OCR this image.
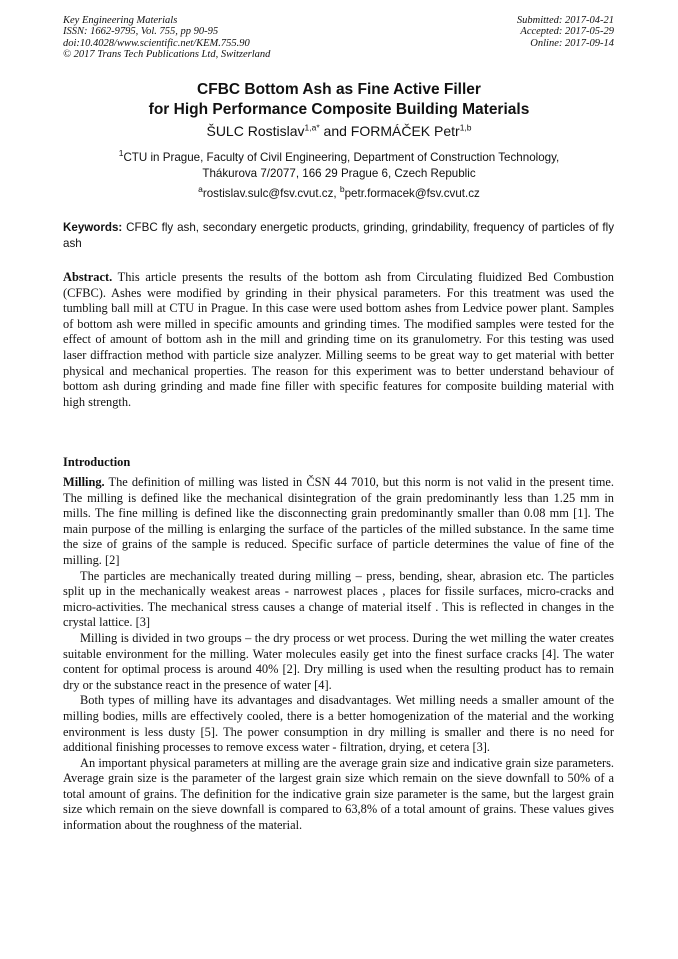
Key Engineering Materials
ISSN: 1662-9795, Vol. 755, pp 90-95
doi:10.4028/www.scientific.net/KEM.755.90
© 2017 Trans Tech Publications Ltd, Switzerland
Submitted: 2017-04-21
Accepted: 2017-05-29
Online: 2017-09-14
CFBC Bottom Ash as Fine Active Filler
for High Performance Composite Building Materials
ŠULC Rostislav$^{1,a*}$ and FORMÁČEK Petr$^{1,b}$
$^1$CTU in Prague, Faculty of Civil Engineering, Department of Construction Technology,
Thákurova 7/2077, 166 29 Prague 6, Czech Republic
$^a$rostislav.sulc@fsv.cvut.cz, $^b$petr.formacek@fsv.cvut.cz
Keywords: CFBC fly ash, secondary energetic products, grinding, grindability, frequency of particles of fly ash
Abstract. This article presents the results of the bottom ash from Circulating fluidized Bed Combustion (CFBC). Ashes were modified by grinding in their physical parameters. For this treatment was used the tumbling ball mill at CTU in Prague. In this case were used bottom ashes from Ledvice power plant. Samples of bottom ash were milled in specific amounts and grinding times. The modified samples were tested for the effect of amount of bottom ash in the mill and grinding time on its granulometry. For this testing was used laser diffraction method with particle size analyzer. Milling seems to be great way to get material with better physical and mechanical properties. The reason for this experiment was to better understand behaviour of bottom ash during grinding and made fine filler with specific features for composite building material with high strength.
Introduction

Milling. The definition of milling was listed in ČSN 44 7010, but this norm is not valid in the present time. The milling is defined like the mechanical disintegration of the grain predominantly less than 1.25 mm in mills. The fine milling is defined like the disconnecting grain predominantly smaller than 0.08 mm [1]. The main purpose of the milling is enlarging the surface of the particles of the milled substance. In the same time the size of grains of the sample is reduced. Specific surface of particle determines the value of fine of the milling. [2]

The particles are mechanically treated during milling – press, bending, shear, abrasion etc. The particles split up in the mechanically weakest areas - narrowest places , places for fissile surfaces, micro-cracks and micro-activities. The mechanical stress causes a change of material itself . This is reflected in changes in the crystal lattice. [3]

Milling is divided in two groups – the dry process or wet process. During the wet milling the water creates suitable environment for the milling. Water molecules easily get into the finest surface cracks [4]. The water content for optimal process is around 40% [2]. Dry milling is used when the resulting product has to remain dry or the substance react in the presence of water [4].

Both types of milling have its advantages and disadvantages. Wet milling needs a smaller amount of the milling bodies, mills are effectively cooled, there is a better homogenization of the material and the working environment is less dusty [5]. The power consumption in dry milling is smaller and there is no need for additional finishing processes to remove excess water - filtration, drying, et cetera [3].

An important physical parameters at milling are the average grain size and indicative grain size parameters. Average grain size is the parameter of the largest grain size which remain on the sieve downfall to 50% of a total amount of grains. The definition for the indicative grain size parameter is the same, but the largest grain size which remain on the sieve downfall is compared to 63,8% of a total amount of grains. These values gives information about the roughness of the material.
